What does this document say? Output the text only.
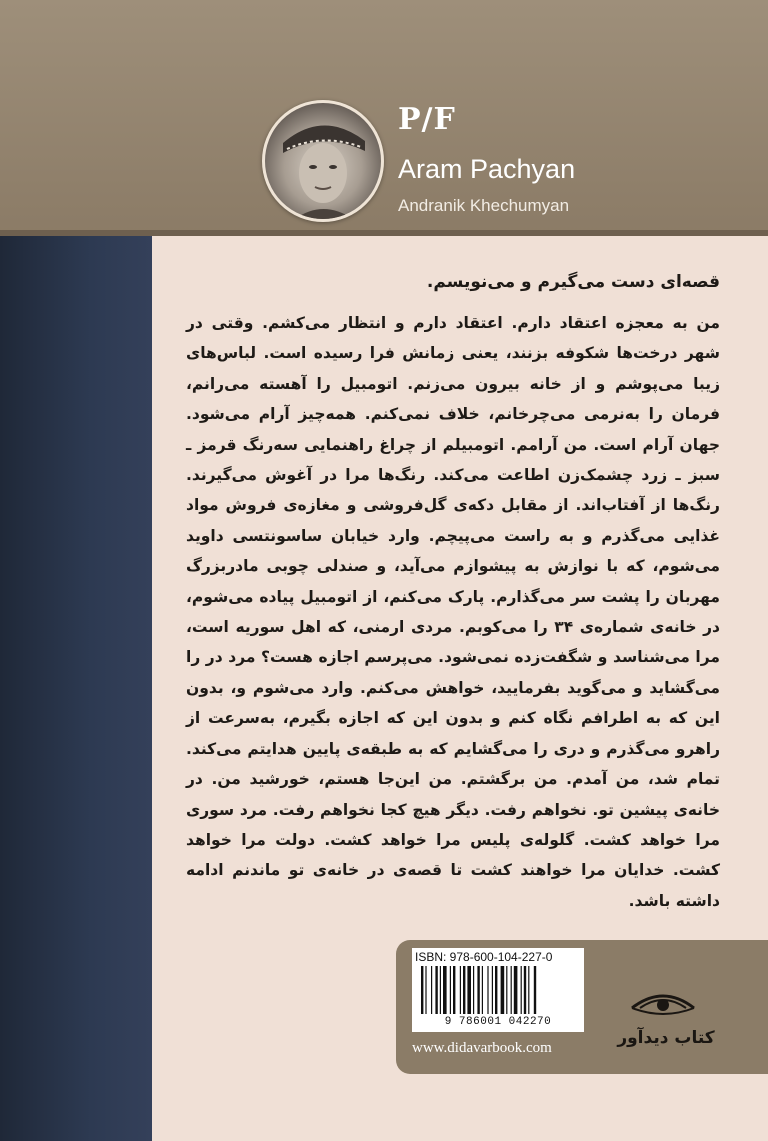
P/F

Aram Pachyan

Andranik Khechumyan

قصه‌ای دست می‌گیرم و می‌نویسم.

من به معجزه اعتقاد دارم. اعتقاد دارم و انتظار می‌کشم. وقتی در شهر درخت‌ها شکوفه بزنند، یعنی زمانش فرا رسیده است. لباس‌های زیبا می‌پوشم و از خانه بیرون می‌زنم. اتومبیل را آهسته می‌رانم، فرمان را به‌نرمی می‌چرخانم، خلاف نمی‌کنم. همه‌چیز آرام می‌شود. جهان آرام است. من آرامم. اتومبیلم از چراغ راهنمایی سه‌رنگ قرمز ـ سبز ـ زرد چشمک‌زن اطاعت می‌کند. رنگ‌ها مرا در آغوش می‌گیرند. رنگ‌ها از آفتاب‌اند. از مقابل دکه‌ی گل‌فروشی و مغازه‌ی فروش مواد غذایی می‌گذرم و به راست می‌پیچم. وارد خیابان ساسونتسی داوید می‌شوم، که با نوازش به پیشوازم می‌آید، و صندلی چوبی مادربزرگ مهربان را پشت سر می‌گذارم. پارک می‌کنم، از اتومبیل پیاده می‌شوم، در خانه‌ی شماره‌ی ۳۴ را می‌کوبم. مردی ارمنی، که اهل سوریه است، مرا می‌شناسد و شگفت‌زده نمی‌شود. می‌پرسم اجازه هست؟ مرد در را می‌گشاید و می‌گوید بفرمایید، خواهش می‌کنم. وارد می‌شوم و، بدون این که به اطرافم نگاه کنم و بدون این که اجازه بگیرم، به‌سرعت از راهرو می‌گذرم و دری را می‌گشایم که به طبقه‌ی پایین هدایتم می‌کند. تمام شد، من آمدم. من برگشتم. من این‌جا هستم، خورشید من. در خانه‌ی پیشین تو. نخواهم رفت. دیگر هیچ کجا نخواهم رفت. مرد سوری مرا خواهد کشت. گلوله‌ی پلیس مرا خواهد کشت. دولت مرا خواهد کشت. خدایان مرا خواهند کشت تا قصه‌ی در خانه‌ی تو ماندنم ادامه داشته باشد.

ISBN: 978-600-104-227-0

9 786001 042270

www.didavarbook.com	کتاب دیدآور
